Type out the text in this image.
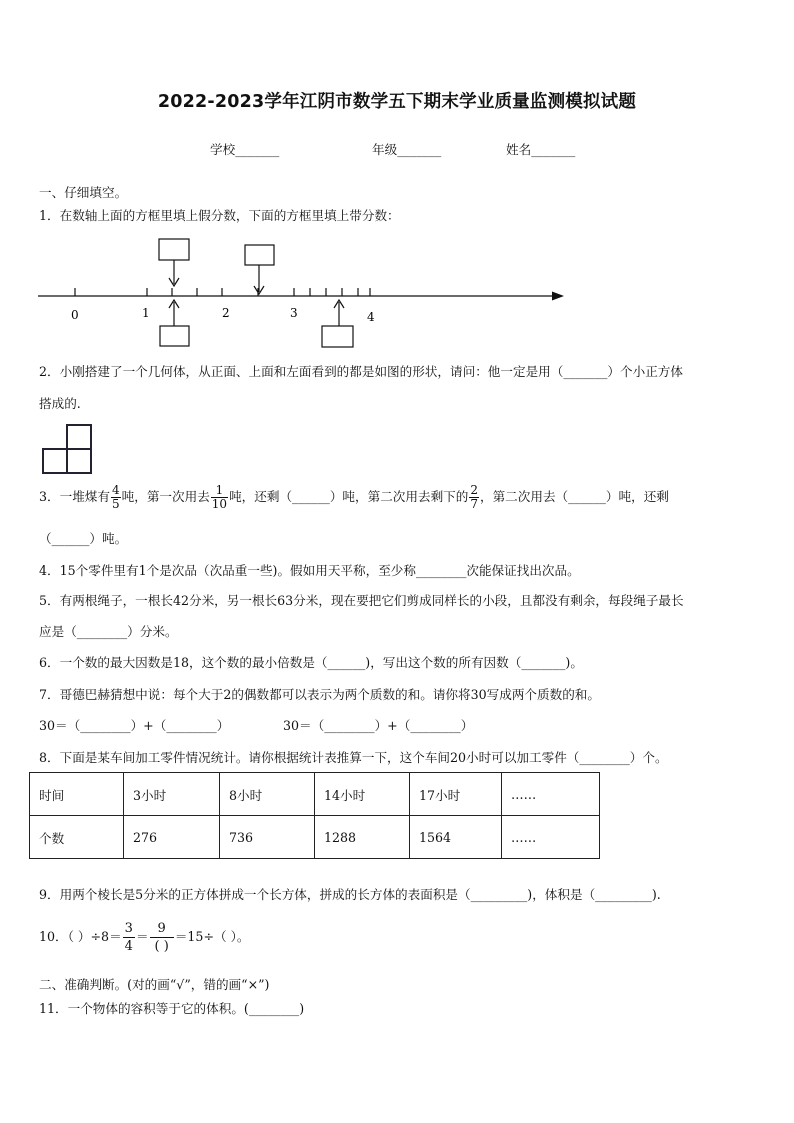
2022-2023学年江阴市数学五下期末学业质量监测模拟试题
学校_______	年级_______	姓名_______
一、仔细填空。
1．在数轴上面的方框里填上假分数，下面的方框里填上带分数：
0	1	2	3	4
2．小刚搭建了一个几何体，从正面、上面和左面看到的都是如图的形状，请问：他一定是用（_______）个小正方体
搭成的.
3．一堆煤有 $\frac{4}{5}$ 吨，第一次用去 $\frac{1}{10}$ 吨，还剩（______）吨，第二次用去剩下的 $\frac{2}{7}$ ，第二次用去（______）吨，还剩
（______）吨。
4．15个零件里有1个是次品（次品重一些)。假如用天平称，至少称________次能保证找出次品。
5．有两根绳子，一根长42分米，另一根长63分米，现在要把它们剪成同样长的小段，且都没有剩余，每段绳子最长
应是（________）分米。
6．一个数的最大因数是18，这个数的最小倍数是（______)，写出这个数的所有因数（_______)。
7．哥德巴赫猜想中说：每个大于2的偶数都可以表示为两个质数的和。请你将30写成两个质数的和。
30＝（________）+（________）	30＝（________）+（________）
8．下面是某车间加工零件情况统计。请你根据统计表推算一下，这个车间20小时可以加工零件（________）个。
时间	3小时	8小时	14小时	17小时	……
个数	276	736	1288	1564	……
9．用两个棱长是5分米的正方体拼成一个长方体，拼成的长方体的表面积是（_________)，体积是（_________).
10．（ ）$\div 8= \frac{3}{4} = \frac{9}{( )} =15\div$（ ）。
二、准确判断。(对的画“√”，错的画“×”)
11．一个物体的容积等于它的体积。(________)
